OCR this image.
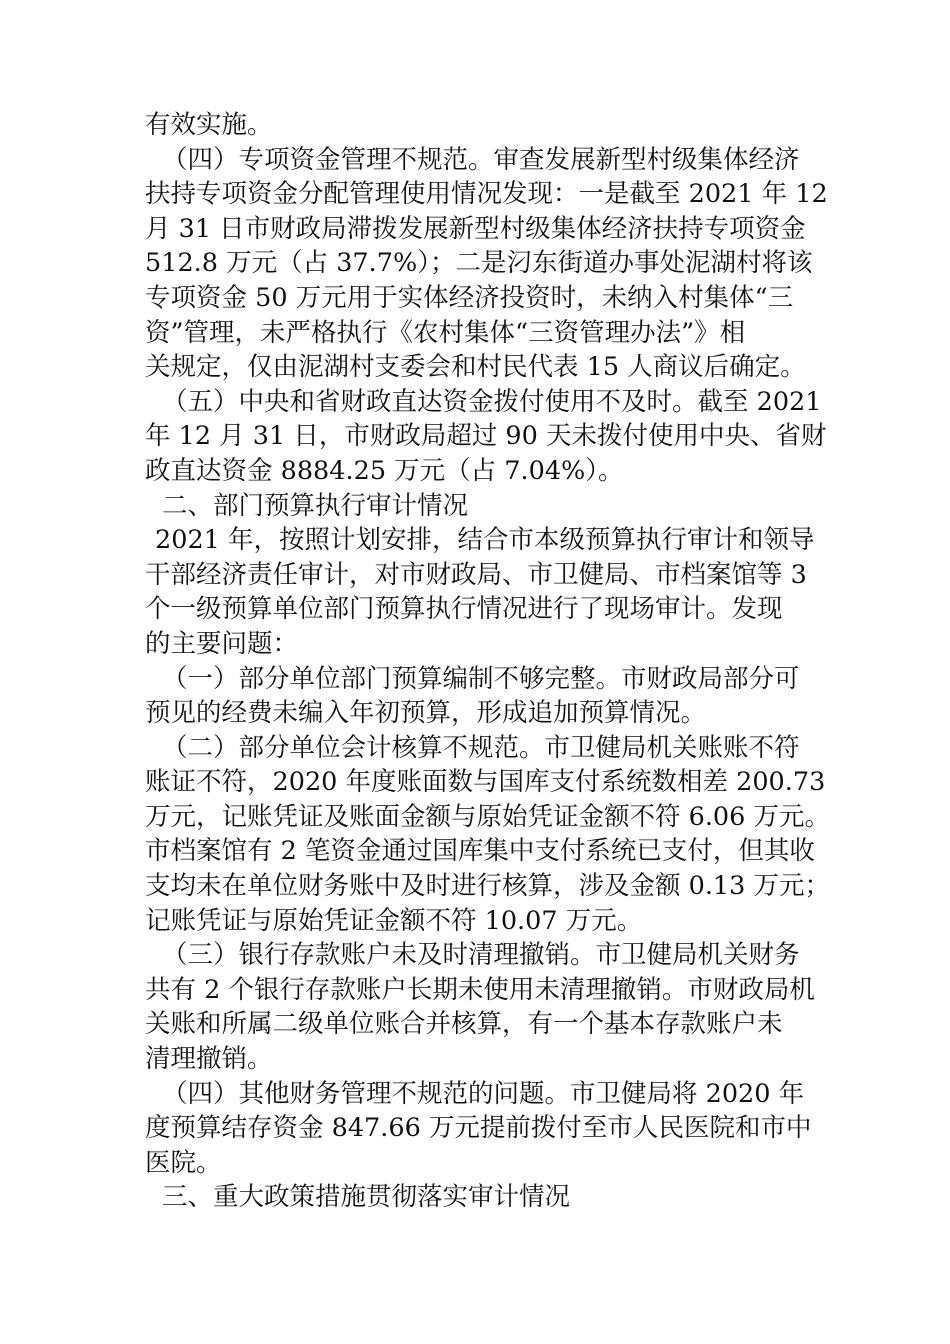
有效实施。
（四）专项资金管理不规范。审查发展新型村级集体经济
扶持专项资金分配管理使用情况发现：一是截至 2021 年 12
月 31 日市财政局滞拨发展新型村级集体经济扶持专项资金
512.8 万元（占 37.7%）；二是汈东街道办事处泥湖村将该
专项资金 50 万元用于实体经济投资时，未纳入村集体“三
资”管理，未严格执行《农村集体“三资管理办法”》相
关规定，仅由泥湖村支委会和村民代表 15 人商议后确定。
（五）中央和省财政直达资金拨付使用不及时。截至 2021
年 12 月 31 日，市财政局超过 90 天未拨付使用中央、省财
政直达资金 8884.25 万元（占 7.04%）。
二、部门预算执行审计情况
2021 年，按照计划安排，结合市本级预算执行审计和领导
干部经济责任审计，对市财政局、市卫健局、市档案馆等 3
个一级预算单位部门预算执行情况进行了现场审计。发现
的主要问题：
（一）部分单位部门预算编制不够完整。市财政局部分可
预见的经费未编入年初预算，形成追加预算情况。
（二）部分单位会计核算不规范。市卫健局机关账账不符
账证不符，2020 年度账面数与国库支付系统数相差 200.73
万元，记账凭证及账面金额与原始凭证金额不符 6.06 万元。
市档案馆有 2 笔资金通过国库集中支付系统已支付，但其收
支均未在单位财务账中及时进行核算，涉及金额 0.13 万元；
记账凭证与原始凭证金额不符 10.07 万元。
（三）银行存款账户未及时清理撤销。市卫健局机关财务
共有 2 个银行存款账户长期未使用未清理撤销。市财政局机
关账和所属二级单位账合并核算，有一个基本存款账户未
清理撤销。
（四）其他财务管理不规范的问题。市卫健局将 2020 年
度预算结存资金 847.66 万元提前拨付至市人民医院和市中
医院。
三、重大政策措施贯彻落实审计情况
